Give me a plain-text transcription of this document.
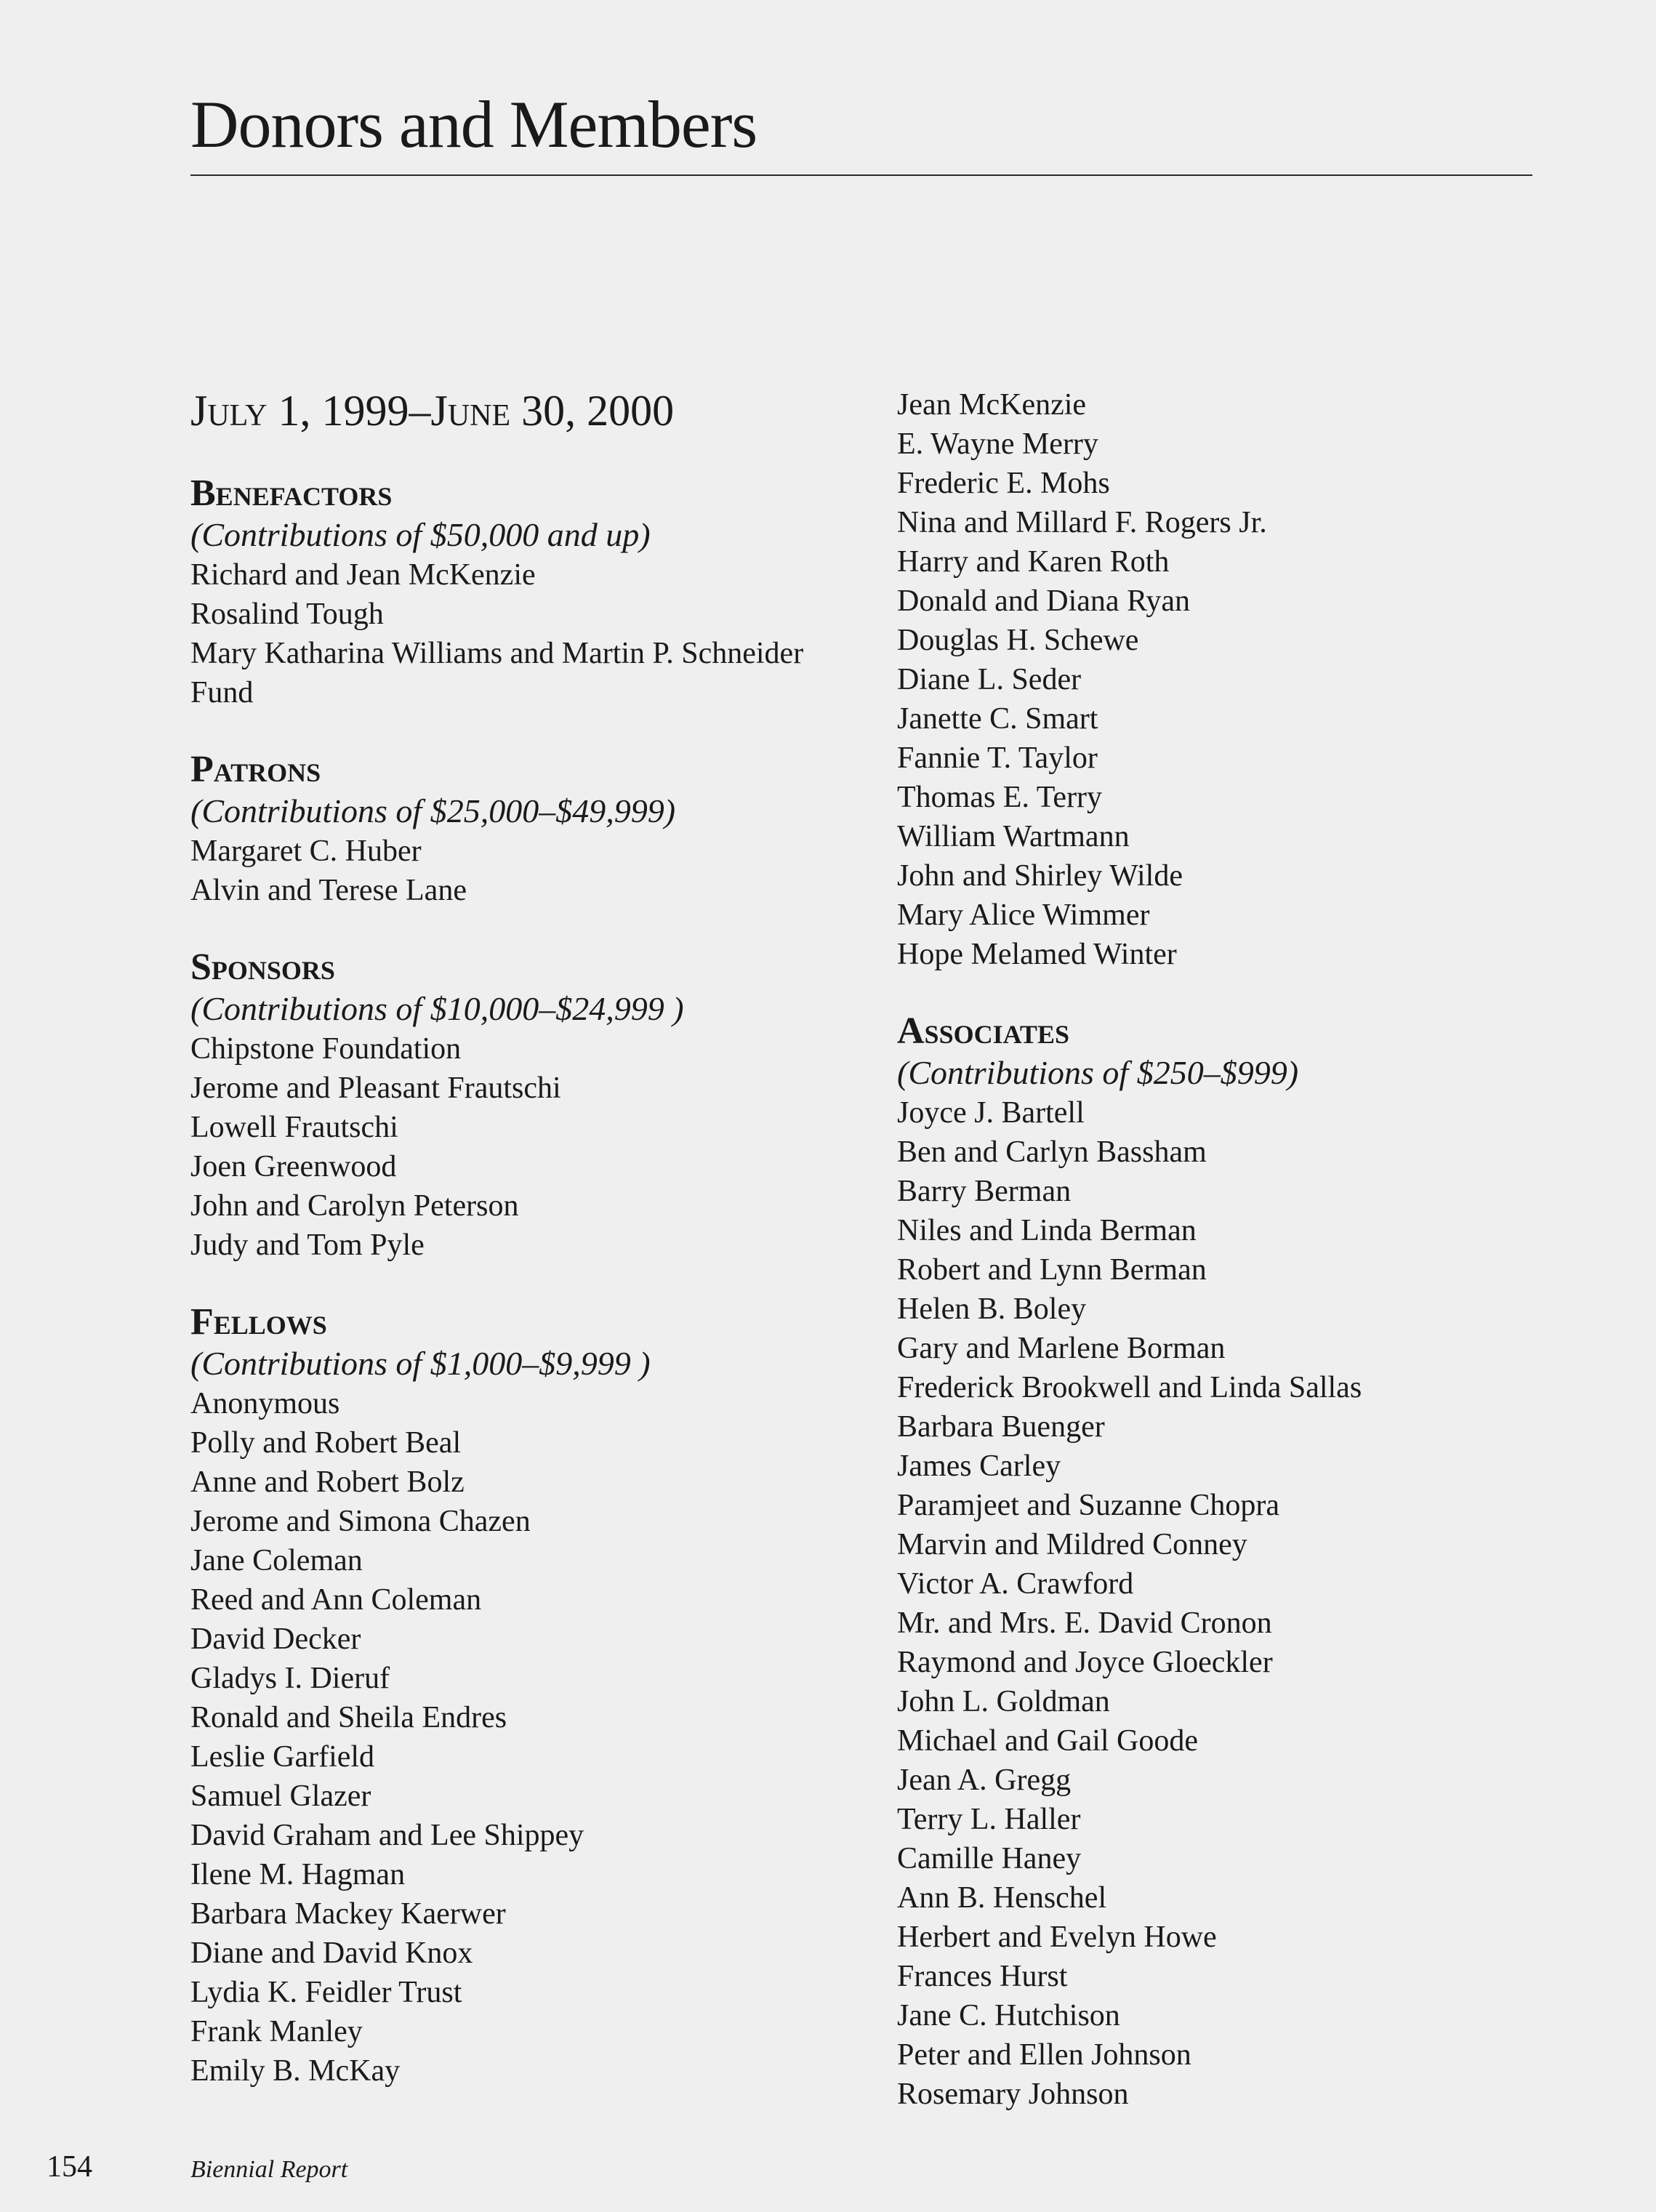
Donors and Members
July 1, 1999–June 30, 2000
Benefactors

(Contributions of $50,000 and up)

Richard and Jean McKenzie
Rosalind Tough
Mary Katharina Williams and Martin P. Schneider
Fund
Patrons

(Contributions of $25,000–$49,999)

Margaret C. Huber
Alvin and Terese Lane
Sponsors

(Contributions of $10,000–$24,999 )

Chipstone Foundation
Jerome and Pleasant Frautschi
Lowell Frautschi
Joen Greenwood
John and Carolyn Peterson
Judy and Tom Pyle
Fellows

(Contributions of $1,000–$9,999 )

Anonymous
Polly and Robert Beal
Anne and Robert Bolz
Jerome and Simona Chazen
Jane Coleman
Reed and Ann Coleman
David Decker
Gladys I. Dieruf
Ronald and Sheila Endres
Leslie Garfield
Samuel Glazer
David Graham and Lee Shippey
Ilene M. Hagman
Barbara Mackey Kaerwer
Diane and David Knox
Lydia K. Feidler Trust
Frank Manley
Emily B. McKay
Jean McKenzie
E. Wayne Merry
Frederic E. Mohs
Nina and Millard F. Rogers Jr.
Harry and Karen Roth
Donald and Diana Ryan
Douglas H. Schewe
Diane L. Seder
Janette C. Smart
Fannie T. Taylor
Thomas E. Terry
William Wartmann
John and Shirley Wilde
Mary Alice Wimmer
Hope Melamed Winter
Associates

(Contributions of $250–$999)

Joyce J. Bartell
Ben and Carlyn Bassham
Barry Berman
Niles and Linda Berman
Robert and Lynn Berman
Helen B. Boley
Gary and Marlene Borman
Frederick Brookwell and Linda Sallas
Barbara Buenger
James Carley
Paramjeet and Suzanne Chopra
Marvin and Mildred Conney
Victor A. Crawford
Mr. and Mrs. E. David Cronon
Raymond and Joyce Gloeckler
John L. Goldman
Michael and Gail Goode
Jean A. Gregg
Terry L. Haller
Camille Haney
Ann B. Henschel
Herbert and Evelyn Howe
Frances Hurst
Jane C. Hutchison
Peter and Ellen Johnson
Rosemary Johnson
154	Biennial Report
